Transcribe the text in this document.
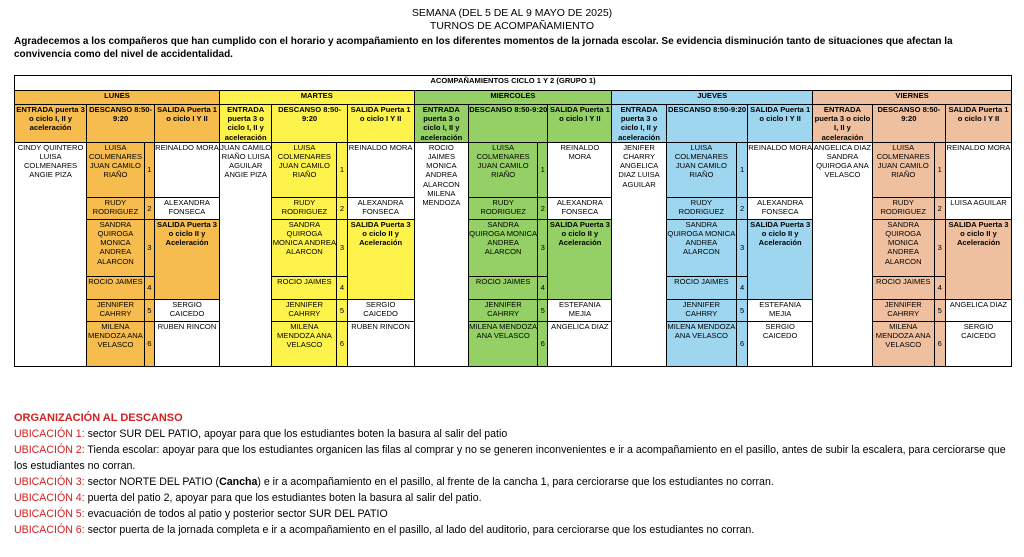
SEMANA (DEL 5 DE AL 9 MAYO DE 2025)
TURNOS DE ACOMPAÑAMIENTO
Agradecemos a los compañeros que han cumplido con el horario y acompañamiento en los diferentes momentos de la jornada escolar. Se evidencia disminución tanto de situaciones que afectan la convivencia como del nivel de accidentalidad.
ACOMPAÑAMIENTOS CICLO 1 Y 2 (GRUPO 1)																			
LUNES				MARTES				MIERCOLES				JUEVES				VIERNES			
ENTRADA puerta 3 o ciclo I, II y aceleración	DESCANSO 8:50-9:20		SALIDA Puerta 1 o ciclo I Y II	ENTRADA puerta 3 o ciclo I, II y aceleración	DESCANSO 8:50-9:20		SALIDA Puerta 1 o ciclo I Y II	ENTRADA puerta 3 o ciclo I, II y aceleración	DESCANSO 8:50-9:20		SALIDA Puerta 1 o ciclo I Y II	ENTRADA puerta 3 o ciclo I, II y aceleración	DESCANSO 8:50-9:20		SALIDA Puerta 1 o ciclo I Y II	ENTRADA puerta 3 o ciclo I, II y aceleración	DESCANSO 8:50-9:20		SALIDA Puerta 1 o ciclo I Y II
CINDY QUINTERO LUISA COLMENARES ANGIE PIZA	LUISA COLMENARES JUAN CAMILO RIAÑO	1	REINALDO MORA	JUAN CAMILO RIAÑO LUISA AGUILAR ANGIE PIZA	LUISA COLMENARES JUAN CAMILO RIAÑO	1	REINALDO MORA	ROCIO JAIMES MONICA ANDREA ALARCON MILENA MENDOZA	LUISA COLMENARES JUAN CAMILO RIAÑO	1	REINALDO MORA	JENIFER CHARRY ANGELICA DIAZ LUISA AGUILAR	LUISA COLMENARES JUAN CAMILO RIAÑO	1	REINALDO MORA	ANGELICA DIAZ SANDRA QUIROGA ANA VELASCO	LUISA COLMENARES JUAN CAMILO RIAÑO	1	REINALDO MORA
	RUDY RODRIGUEZ	2	ALEXANDRA FONSECA		RUDY RODRIGUEZ	2	ALEXANDRA FONSECA		RUDY RODRIGUEZ	2	ALEXANDRA FONSECA		RUDY RODRIGUEZ	2	ALEXANDRA FONSECA		RUDY RODRIGUEZ	2	LUISA AGUILAR
	SANDRA QUIROGA MONICA ANDREA ALARCON	3	SALIDA Puerta 3 o ciclo II y Aceleración		SANDRA QUIROGA MONICA ANDREA ALARCON	3	SALIDA Puerta 3 o ciclo II y Aceleración		SANDRA QUIROGA MONICA ANDREA ALARCON	3	SALIDA Puerta 3 o ciclo II y Aceleración		SANDRA QUIROGA MONICA ANDREA ALARCON	3	SALIDA Puerta 3 o ciclo II y Aceleración		SANDRA QUIROGA MONICA ANDREA ALARCON	3	SALIDA Puerta 3 o ciclo II y Aceleración
	ROCIO JAIMES	4			ROCIO JAIMES	4			ROCIO JAIMES	4			ROCIO JAIMES	4			ROCIO JAIMES	4	
	JENNIFER CAHRRY	5	SERGIO CAICEDO		JENNIFER CAHRRY	5	SERGIO CAICEDO		JENNIFER CAHRRY	5	ESTEFANIA MEJIA		JENNIFER CAHRRY	5	ESTEFANIA MEJIA		JENNIFER CAHRRY	5	ANGELICA DIAZ
	MILENA MENDOZA ANA VELASCO	6	RUBEN RINCON		MILENA MENDOZA ANA VELASCO	6	RUBEN RINCON		MILENA MENDOZA ANA VELASCO	6	ANGELICA DIAZ		MILENA MENDOZA ANA VELASCO	6	SERGIO CAICEDO		MILENA MENDOZA ANA VELASCO	6	SERGIO CAICEDO
ORGANIZACIÓN AL DESCANSO
UBICACIÓN 1: sector SUR DEL PATIO, apoyar para que los estudiantes boten la basura al salir del patio
UBICACIÓN 2: Tienda escolar: apoyar para que los estudiantes organicen las filas al comprar y no se generen inconvenientes e ir a acompañamiento en el pasillo, antes de subir la escalera, para cerciorarse que los estudiantes no corran.
UBICACIÓN 3: sector NORTE DEL PATIO (Cancha) e ir a acompañamiento en el pasillo, al frente de la cancha 1, para cerciorarse que los estudiantes no corran.
UBICACIÓN 4: puerta del patio 2, apoyar para que los estudiantes boten la basura al salir del patio.
UBICACIÓN 5: evacuación de todos al patio y posterior sector SUR DEL PATIO
UBICACIÓN 6: sector puerta de la jornada completa e ir a acompañamiento en el pasillo, al lado del auditorio, para cerciorarse que los estudiantes no corran.
